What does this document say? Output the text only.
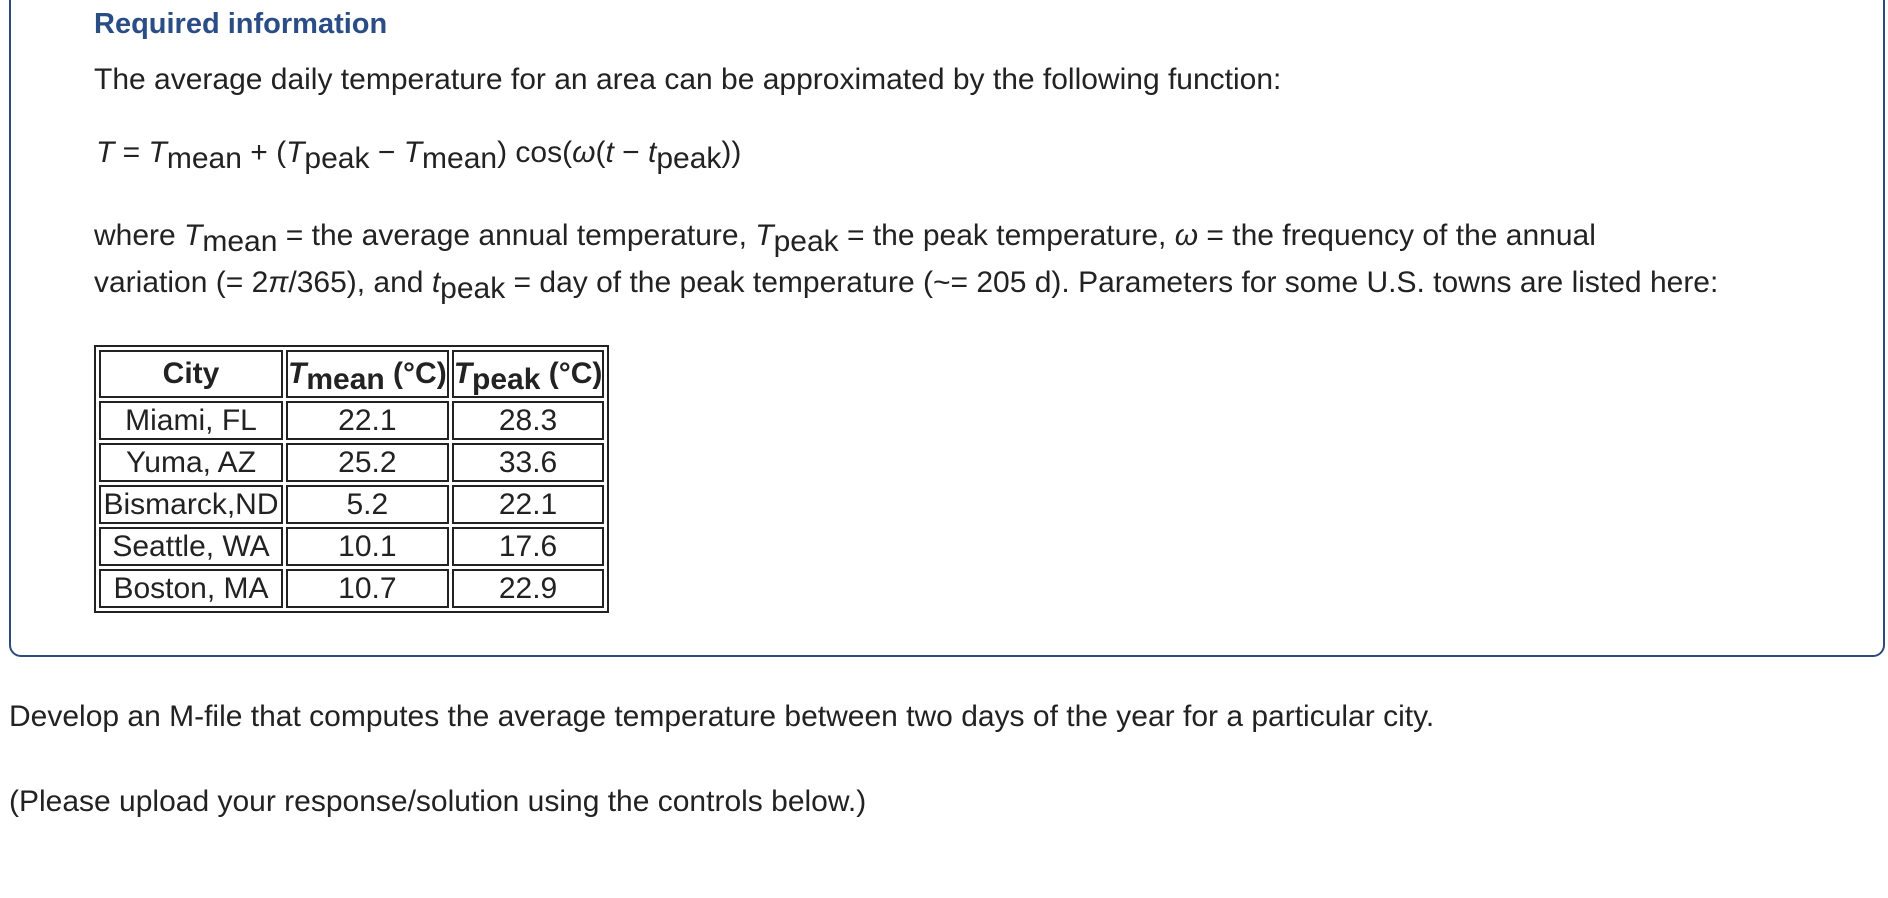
Required information
The average daily temperature for an area can be approximated by the following function:
T = Tmean + (Tpeak − Tmean) cos(ω(t − tpeak))
where Tmean = the average annual temperature, Tpeak = the peak temperature, ω = the frequency of the annual
variation (= 2π/365), and tpeak = day of the peak temperature (~= 205 d). Parameters for some U.S. towns are listed here:
City	Tmean (°C)	Tpeak (°C)
Miami, FL	22.1	28.3
Yuma, AZ	25.2	33.6
Bismarck,ND	5.2	22.1
Seattle, WA	10.1	17.6
Boston, MA	10.7	22.9
Develop an M-file that computes the average temperature between two days of the year for a particular city.
(Please upload your response/solution using the controls below.)
